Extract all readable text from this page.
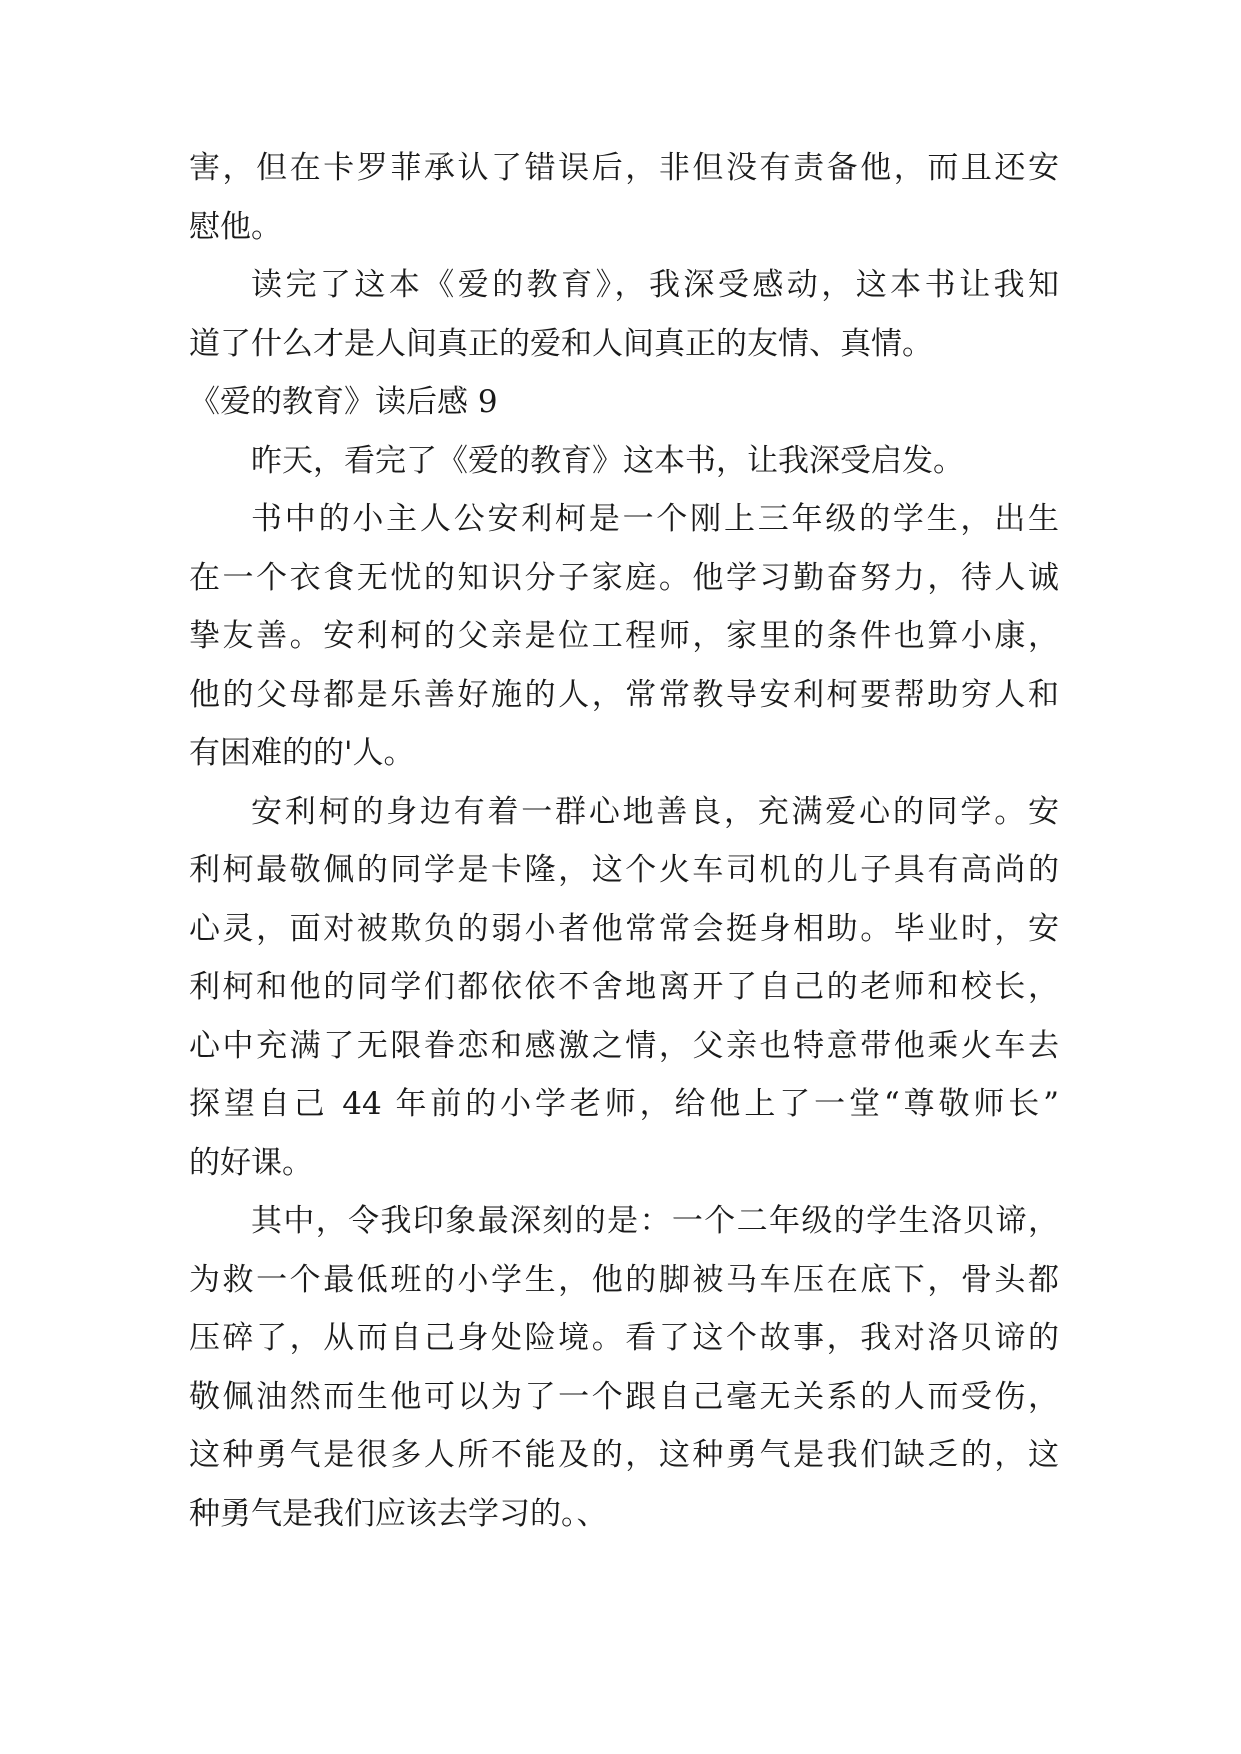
害，但在卡罗菲承认了错误后，非但没有责备他，而且还安
慰他。
读完了这本《爱的教育》，我深受感动，这本书让我知
道了什么才是人间真正的爱和人间真正的友情、真情。
《爱的教育》读后感 9
昨天，看完了《爱的教育》这本书，让我深受启发。
书中的小主人公安利柯是一个刚上三年级的学生，出生
在一个衣食无忧的知识分子家庭。他学习勤奋努力，待人诚
挚友善。安利柯的父亲是位工程师，家里的条件也算小康，
他的父母都是乐善好施的人，常常教导安利柯要帮助穷人和
有困难的的'人。
安利柯的身边有着一群心地善良，充满爱心的同学。安
利柯最敬佩的同学是卡隆，这个火车司机的儿子具有高尚的
心灵，面对被欺负的弱小者他常常会挺身相助。毕业时，安
利柯和他的同学们都依依不舍地离开了自己的老师和校长，
心中充满了无限眷恋和感激之情，父亲也特意带他乘火车去
探望自己 44 年前的小学老师，给他上了一堂“尊敬师长”
的好课。
其中，令我印象最深刻的是：一个二年级的学生洛贝谛，
为救一个最低班的小学生，他的脚被马车压在底下，骨头都
压碎了，从而自己身处险境。看了这个故事，我对洛贝谛的
敬佩油然而生他可以为了一个跟自己毫无关系的人而受伤，
这种勇气是很多人所不能及的，这种勇气是我们缺乏的，这
种勇气是我们应该去学习的。、
